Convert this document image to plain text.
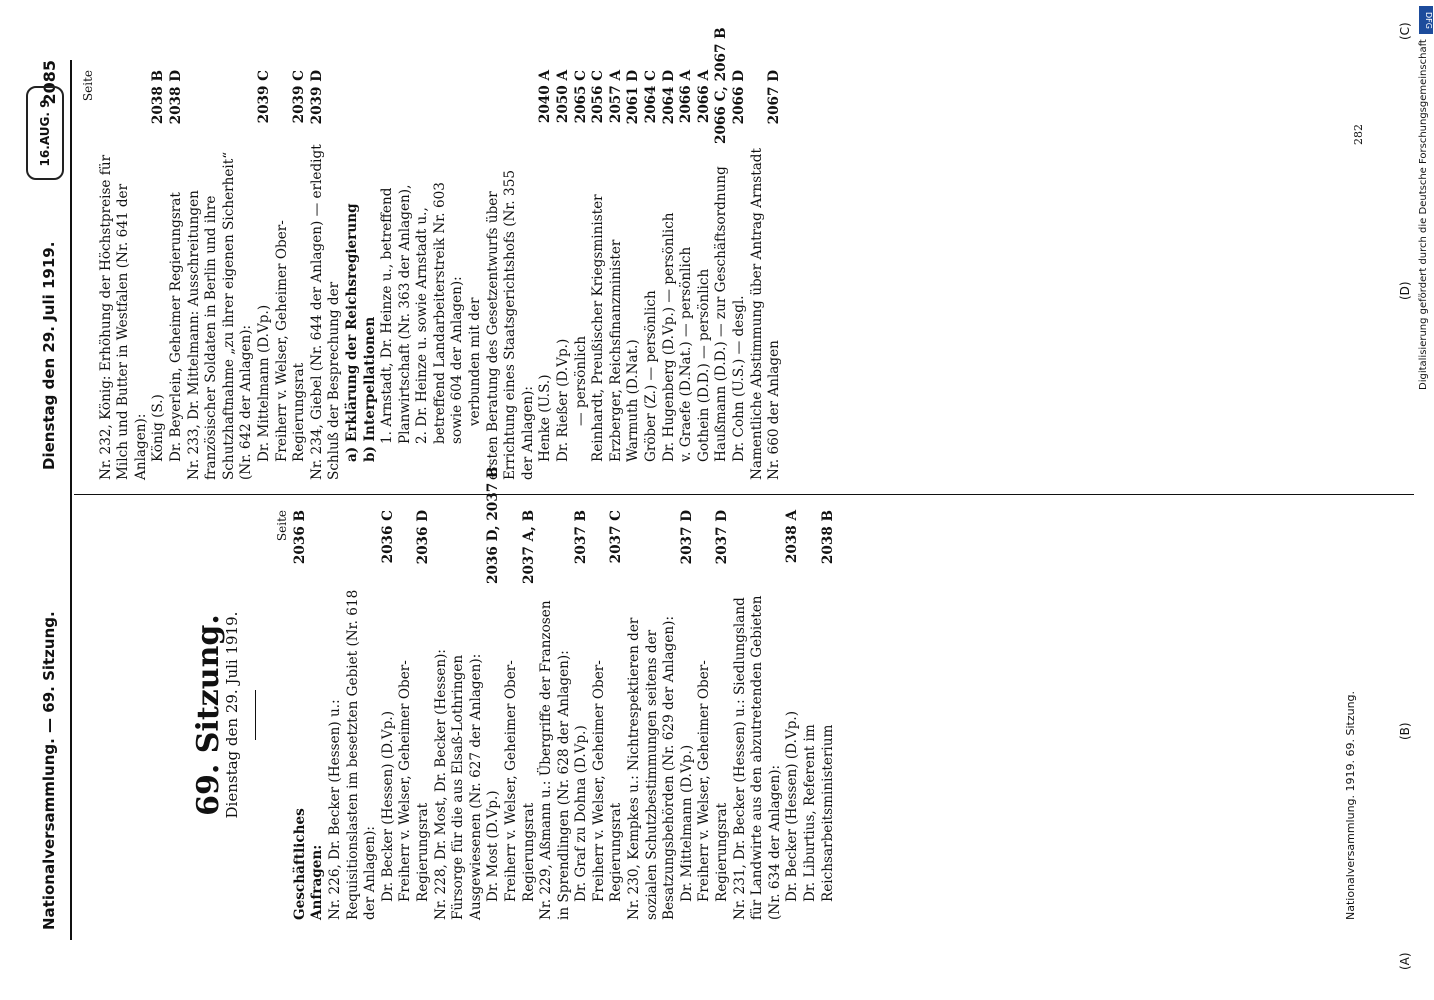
Nationalversammlung. — 69. Sitzung.
Dienstag den 29. Juli 1919.
2085
16.AUG. 9
(A)
(B)
(C)
(D)
69. Sitzung.
Dienstag den 29. Juli 1919.
Seite
Geschäftliches
2036 B
Anfragen: Nr. 226, Dr. Becker (Hessen) u.: Requisitionslasten im besetzten Gebiet (Nr. 618 der Anlagen): Dr. Becker (Hessen) (D.Vp.)
2036 C
Freiherr v. Welser, Geheimer Ober-Regierungsrat
2036 D
Nr. 228, Dr. Most, Dr. Becker (Hessen): Fürsorge für die aus Elsaß-Lothringen Ausgewiesenen (Nr. 627 der Anlagen): Dr. Most (D.Vp.)
2036 D, 2037 B
Freiherr v. Welser, Geheimer Ober-Regierungsrat
2037 A, B
Nr. 229, Aßmann u.: Übergriffe der Franzosen in Sprendlingen (Nr. 628 der Anlagen): Dr. Graf zu Dohna (D.Vp.)
2037 B
Freiherr v. Welser, Geheimer Ober-Regierungsrat
2037 C
Nr. 230, Kempkes u.: Nichtrespektieren der sozialen Schutzbestimmungen seitens der Besatzungsbehörden (Nr. 629 der Anlagen): Dr. Mittelmann (D.Vp.)
2037 D
Freiherr v. Welser, Geheimer Ober-Regierungsrat
2037 D
Nr. 231, Dr. Becker (Hessen) u.: Siedlungsland für Landwirte aus den abzutretenden Gebieten (Nr. 634 der Anlagen): Dr. Becker (Hessen) (D.Vp.)
2038 A
Dr. Liburtius, Referent im Reichsarbeitsministerium
2038 B
Seite
Nr. 232, König: Erhöhung der Höchstpreise für Milch und Butter in Westfalen (Nr. 641 der Anlagen): König (S.)
2038 B
Dr. Beyerlein, Geheimer Regierungsrat
2038 D
Nr. 233, Dr. Mittelmann: Ausschreitungen französischer Soldaten in Berlin und ihre Schutzhaftnahme „zu ihrer eigenen Sicherheit“ (Nr. 642 der Anlagen): Dr. Mittelmann (D.Vp.)
2039 C
Freiherr v. Welser, Geheimer Ober-Regierungsrat
2039 C
Nr. 234, Giebel (Nr. 644 der Anlagen) — erledigt
2039 D
Schluß der Besprechung der a) Erklärung der Reichsregierung b) Interpellationen 1. Arnstadt, Dr. Heinze u., betreffend Planwirtschaft (Nr. 363 der Anlagen), 2. Dr. Heinze u. sowie Arnstadt u., betreffend Landarbeiterstreik Nr. 603 sowie 604 der Anlagen): verbunden mit der ersten Beratung des Gesetzentwurfs über Errichtung eines Staatsgerichtshofs (Nr. 355 der Anlagen): Henke (U.S.)
2040 A
Dr. Rießer (D.Vp.)
2050 A
— persönlich
2065 C
Reinhardt, Preußischer Kriegsminister
2056 C
Erzberger, Reichsfinanzminister
2057 A
Warmuth (D.Nat.)
2061 D
Gröber (Z.) — persönlich
2064 C
Dr. Hugenberg (D.Vp.) — persönlich
2064 D
v. Graefe (D.Nat.) — persönlich
2066 A
Gothein (D.D.) — persönlich
2066 A
Haußmann (D.D.) — zur Geschäftsordnung
2066 C, 2067 B
Dr. Cohn (U.S.) — desgl.
2066 D
Namentliche Abstimmung über Antrag Arnstadt Nr. 660 der Anlagen
2067 D
Nationalversammlung. 1919. 69. Sitzung.
282	Digitalisierung gefördert durch die Deutsche Forschungsgemeinschaft
DFG
